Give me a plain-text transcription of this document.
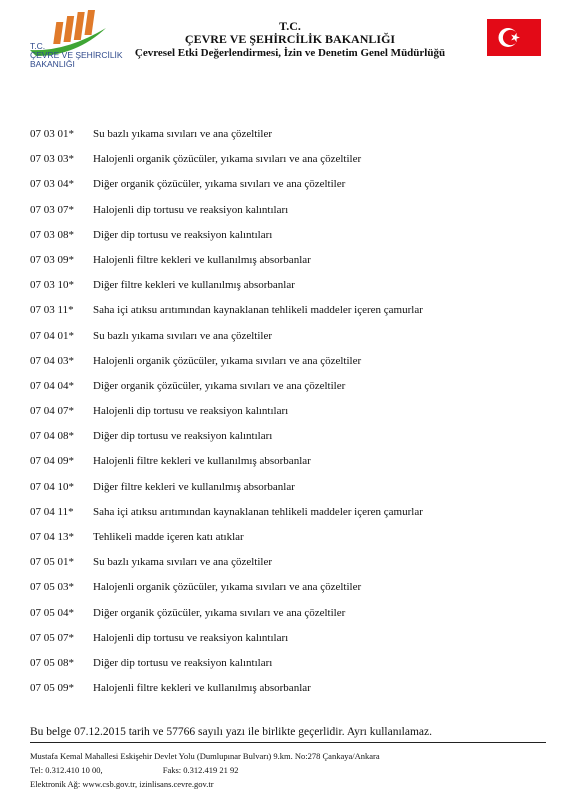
T.C.
ÇEVRE VE ŞEHİRCİLİK
BAKANLIĞI
T.C.
ÇEVRE VE ŞEHİRCİLİK BAKANLIĞI
Çevresel Etki Değerlendirmesi, İzin ve Denetim Genel Müdürlüğü
07 03 01*	Su bazlı yıkama sıvıları ve ana çözeltiler
07 03 03*	Halojenli organik çözücüler, yıkama sıvıları ve ana çözeltiler
07 03 04*	Diğer organik çözücüler, yıkama sıvıları ve ana çözeltiler
07 03 07*	Halojenli dip tortusu ve reaksiyon kalıntıları
07 03 08*	Diğer dip tortusu ve reaksiyon kalıntıları
07 03 09*	Halojenli filtre kekleri ve kullanılmış absorbanlar
07 03 10*	Diğer filtre kekleri ve kullanılmış absorbanlar
07 03 11*	Saha içi atıksu arıtımından kaynaklanan tehlikeli maddeler içeren çamurlar
07 04 01*	Su bazlı yıkama sıvıları ve ana çözeltiler
07 04 03*	Halojenli organik çözücüler, yıkama sıvıları ve ana çözeltiler
07 04 04*	Diğer organik çözücüler, yıkama sıvıları ve ana çözeltiler
07 04 07*	Halojenli dip tortusu ve reaksiyon kalıntıları
07 04 08*	Diğer dip tortusu ve reaksiyon kalıntıları
07 04 09*	Halojenli filtre kekleri ve kullanılmış absorbanlar
07 04 10*	Diğer filtre kekleri ve kullanılmış absorbanlar
07 04 11*	Saha içi atıksu arıtımından kaynaklanan tehlikeli maddeler içeren çamurlar
07 04 13*	Tehlikeli madde içeren katı atıklar
07 05 01*	Su bazlı yıkama sıvıları ve ana çözeltiler
07 05 03*	Halojenli organik çözücüler, yıkama sıvıları ve ana çözeltiler
07 05 04*	Diğer organik çözücüler, yıkama sıvıları ve ana çözeltiler
07 05 07*	Halojenli dip tortusu ve reaksiyon kalıntıları
07 05 08*	Diğer dip tortusu ve reaksiyon kalıntıları
07 05 09*	Halojenli filtre kekleri ve kullanılmış absorbanlar
Bu belge 07.12.2015 tarih ve 57766 sayılı yazı ile birlikte geçerlidir. Ayrı kullanılamaz.
Mustafa Kemal Mahallesi Eskişehir Devlet Yolu (Dumlupınar Bulvarı) 9.km. No:278 Çankaya/Ankara
Tel: 0.312.410 10 00,	Faks: 0.312.419 21 92
Elektronik Ağ: www.csb.gov.tr, izinlisans.cevre.gov.tr
